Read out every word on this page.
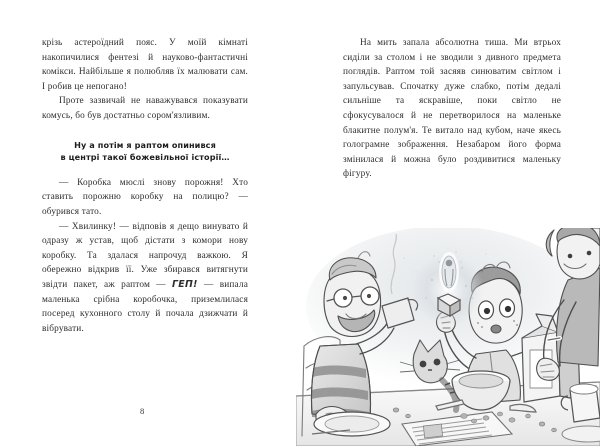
крізь астероїдний пояс. У моїй кімнаті накопичилися фентезі й науково-фантастичні комікси. Найбільше я полюбляв їх малювати сам. І робив це непогано!

Проте зазвичай не наважувався показувати комусь, бо був достатньо сором'язливим.

Ну а потім я раптом опинився
в центрі такої божевільної історії…

— Коробка мюслі знову порожня! Хто ставить порожню коробку на полицю? — обурився тато.

— Хвилинку! — відповів я дещо винувато й одразу ж устав, щоб дістати з комори нову коробку. Та здалася напрочуд важкою. Я обережно відкрив її. Уже збирався витягнути звідти пакет, аж раптом — ГЕП! — випала маленька срібна коробочка, приземлилася посеред кухонного столу й почала дзижчати й вібрувати.

8

На мить запала абсолютна тиша. Ми втрьох сиділи за столом і не зводили з дивного предмета поглядів. Раптом той засяяв синюватим світлом і запульсував. Спочатку дуже слабко, потім дедалі сильніше та яскравіше, поки світло не сфокусувалося й не перетворилося на маленьке блакитне полум'я. Те витало над кубом, наче якесь голограмне зображення. Незабаром його форма змінилася й можна було роздивитися маленьку фігуру.
